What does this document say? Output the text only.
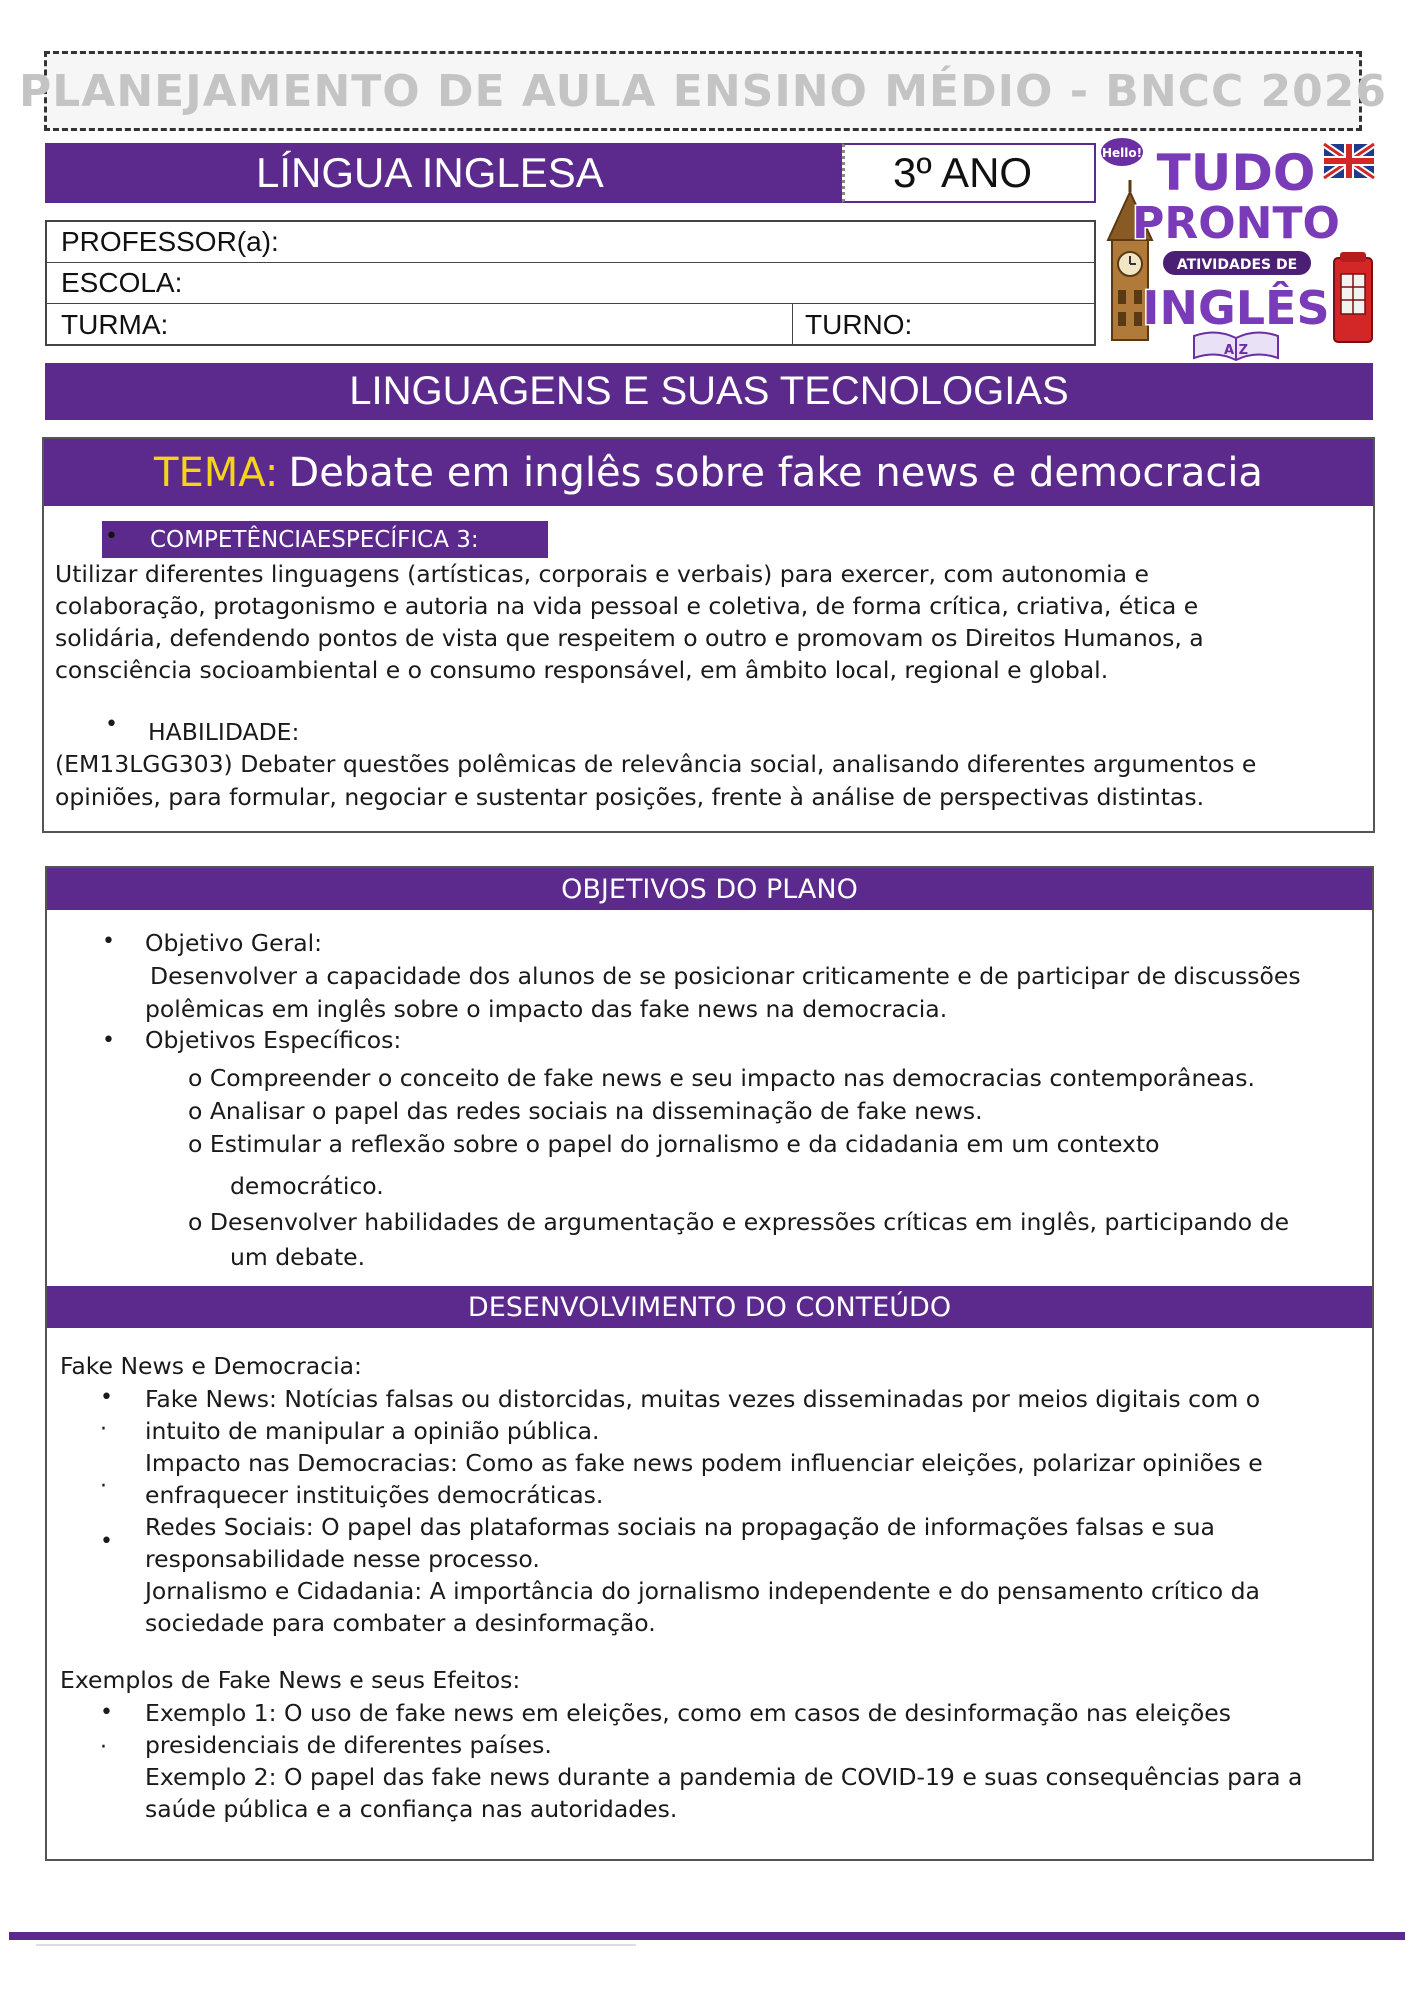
PLANEJAMENTO DE AULA ENSINO MÉDIO - BNCC 2026
LÍNGUA INGLESA	3º ANO
PROFESSOR(a):
ESCOLA:
TURMA:	TURNO:
Hello! TUDO
PRONTO
ATIVIDADES DE
INGLÊS
A Z
LINGUAGENS E SUAS TECNOLOGIAS
TEMA: Debate em inglês sobre fake news e democracia
COMPETÊNCIAESPECÍFICA 3:
•
Utilizar diferentes linguagens (artísticas, corporais e verbais) para exercer, com autonomia e
colaboração, protagonismo e autoria na vida pessoal e coletiva, de forma crítica, criativa, ética e
solidária, defendendo pontos de vista que respeitem o outro e promovam os Direitos Humanos, a
consciência socioambiental e o consumo responsável, em âmbito local, regional e global.
• HABILIDADE:
(EM13LGG303) Debater questões polêmicas de relevância social, analisando diferentes argumentos e
opiniões, para formular, negociar e sustentar posições, frente à análise de perspectivas distintas.
OBJETIVOS DO PLANO
DESENVOLVIMENTO DO CONTEÚDO
• Objetivo Geral:
Desenvolver a capacidade dos alunos de se posicionar criticamente e de participar de discussões
polêmicas em inglês sobre o impacto das fake news na democracia.
• Objetivos Específicos:
o Compreender o conceito de fake news e seu impacto nas democracias contemporâneas.
o Analisar o papel das redes sociais na disseminação de fake news.
o Estimular a reflexão sobre o papel do jornalismo e da cidadania em um contexto
democrático.
o Desenvolver habilidades de argumentação e expressões críticas em inglês, participando de
um debate.
Fake News e Democracia:
•
·
·
•
Fake News: Notícias falsas ou distorcidas, muitas vezes disseminadas por meios digitais com o
intuito de manipular a opinião pública.
Impacto nas Democracias: Como as fake news podem influenciar eleições, polarizar opiniões e
enfraquecer instituições democráticas.
Redes Sociais: O papel das plataformas sociais na propagação de informações falsas e sua
responsabilidade nesse processo.
Jornalismo e Cidadania: A importância do jornalismo independente e do pensamento crítico da
sociedade para combater a desinformação.
Exemplos de Fake News e seus Efeitos:
•
·
Exemplo 1: O uso de fake news em eleições, como em casos de desinformação nas eleições
presidenciais de diferentes países.
Exemplo 2: O papel das fake news durante a pandemia de COVID-19 e suas consequências para a
saúde pública e a confiança nas autoridades.
